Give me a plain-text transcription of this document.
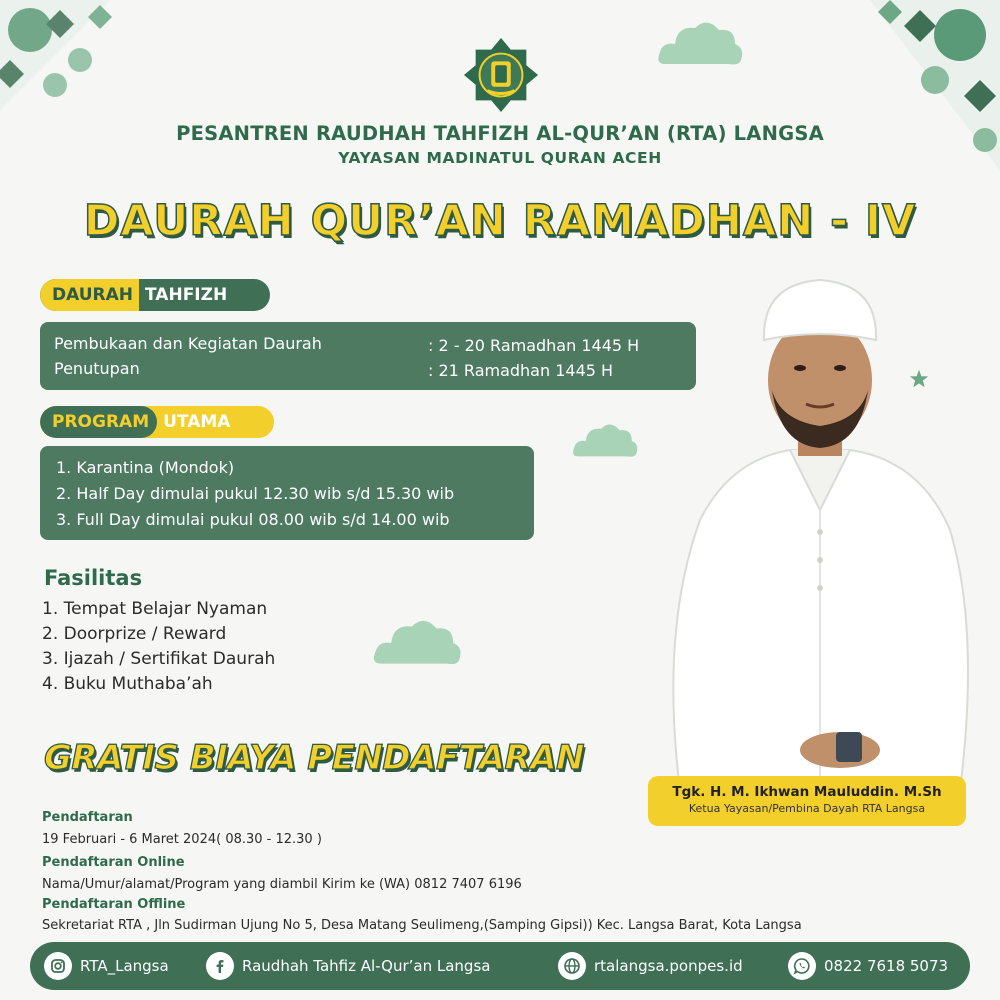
PESANTREN RAUDHAH TAHFIZH AL-QUR’AN (RTA) LANGSA
YAYASAN MADINATUL QURAN ACEH
DAURAH QUR’AN RAMADHAN - IV
DAURAH TAHFIZH
Pembukaan dan Kegiatan Daurah	: 2 - 20 Ramadhan 1445 H
Penutupan	: 21 Ramadhan 1445 H
PROGRAM UTAMA
1. Karantina (Mondok)
2. Half Day dimulai pukul 12.30 wib s/d 15.30 wib
3. Full Day dimulai pukul 08.00 wib s/d 14.00 wib
Fasilitas
1. Tempat Belajar Nyaman
2. Doorprize / Reward
3. Ijazah / Sertifikat Daurah
4. Buku Muthaba’ah
GRATIS BIAYA PENDAFTARAN
Pendaftaran
19 Februari - 6 Maret 2024( 08.30 - 12.30 )
Pendaftaran Online
Nama/Umur/alamat/Program yang diambil Kirim ke (WA) 0812 7407 6196
Pendaftaran Offline
Sekretariat RTA , Jln Sudirman Ujung No 5, Desa Matang Seulimeng,(Samping Gipsi)) Kec. Langsa Barat, Kota Langsa
Tgk. H. M. Ikhwan Mauluddin. M.Sh
Ketua Yayasan/Pembina Dayah RTA Langsa
RTA_Langsa	Raudhah Tahfiz Al-Qur’an Langsa	rtalangsa.ponpes.id	0822 7618 5073
